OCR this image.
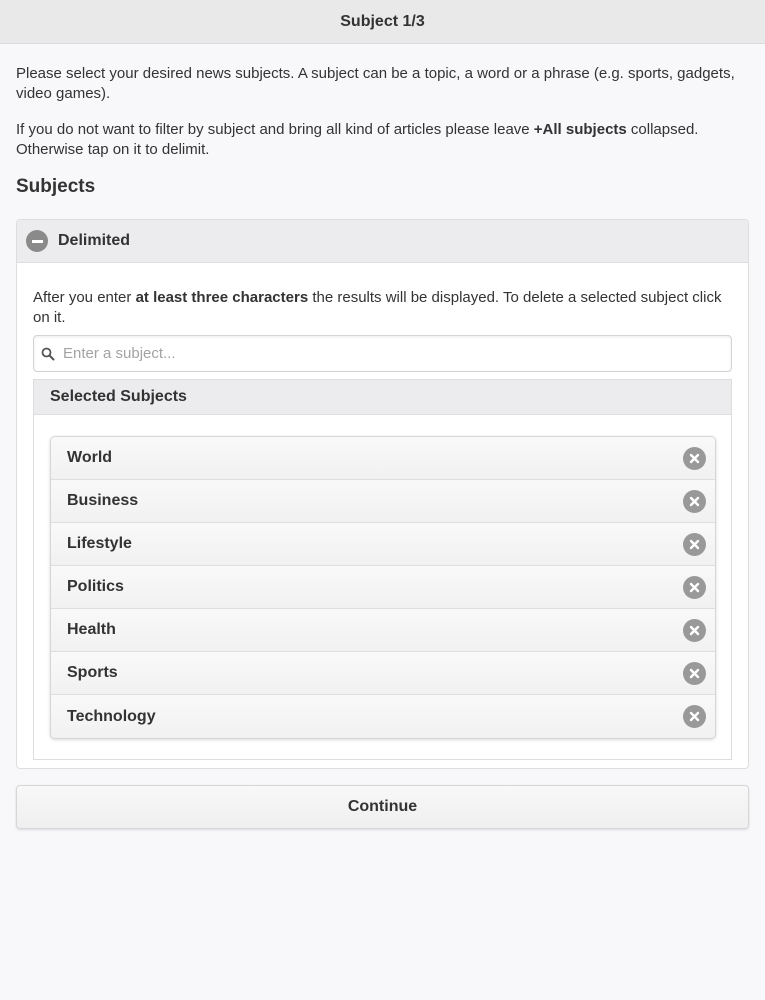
Subject 1/3

Please select your desired news subjects. A subject can be a topic, a word or a phrase (e.g. sports, gadgets, video games).

If you do not want to filter by subject and bring all kind of articles please leave +All subjects collapsed. Otherwise tap on it to delimit.

Subjects
Delimited

After you enter at least three characters the results will be displayed. To delete a selected subject click on it.

Enter a subject...
Selected Subjects
World
Business
Lifestyle
Politics
Health
Sports
Technology
Continue
